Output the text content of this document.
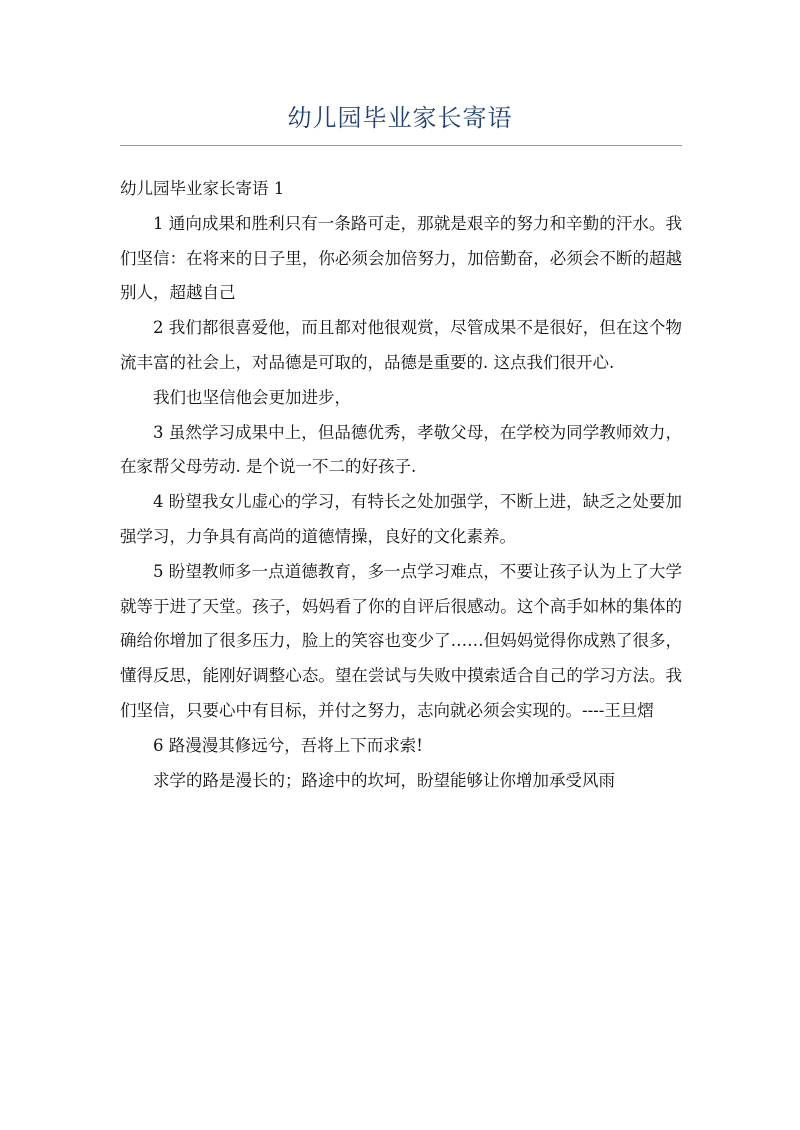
幼儿园毕业家长寄语

幼儿园毕业家长寄语 1

1 通向成果和胜利只有一条路可走，那就是艰辛的努力和辛勤的汗水。我们坚信：在将来的日子里，你必须会加倍努力，加倍勤奋，必须会不断的超越别人，超越自己

2 我们都很喜爱他，而且都对他很观赏，尽管成果不是很好，但在这个物流丰富的社会上，对品德是可取的，品德是重要的. 这点我们很开心.

我们也坚信他会更加进步，

3 虽然学习成果中上，但品德优秀，孝敬父母，在学校为同学教师效力，在家帮父母劳动. 是个说一不二的好孩子.

4 盼望我女儿虚心的学习，有特长之处加强学，不断上进，缺乏之处要加强学习，力争具有高尚的道德情操，良好的文化素养。

5 盼望教师多一点道德教育，多一点学习难点，不要让孩子认为上了大学就等于进了天堂。孩子，妈妈看了你的自评后很感动。这个高手如林的集体的确给你增加了很多压力，脸上的笑容也变少了……但妈妈觉得你成熟了很多，懂得反思，能刚好调整心态。望在尝试与失败中摸索适合自己的学习方法。我们坚信，只要心中有目标，并付之努力，志向就必须会实现的。----王旦熠

6 路漫漫其修远兮，吾将上下而求索!

求学的路是漫长的；路途中的坎坷，盼望能够让你增加承受风雨
